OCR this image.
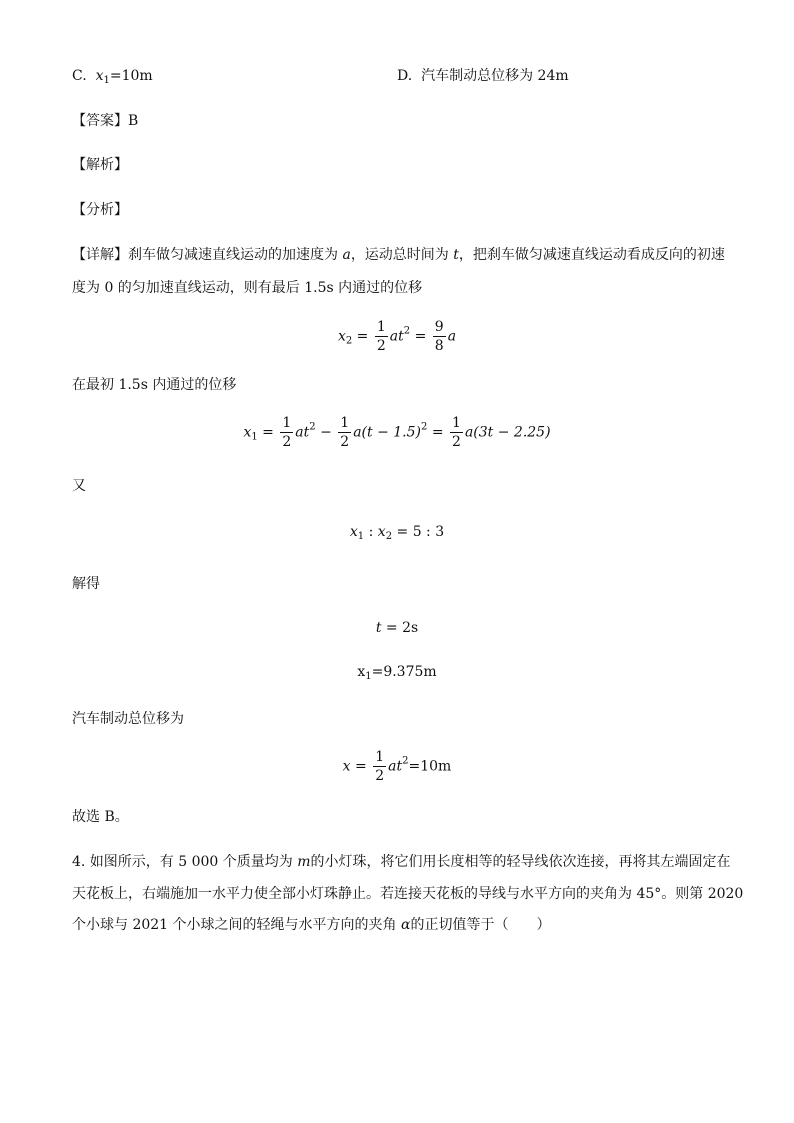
C. $x_1=10m$	D. 汽车制动总位移为 24m
【答案】B
【解析】
【分析】
【详解】刹车做匀减速直线运动的加速度为 a，运动总时间为 t，把刹车做匀减速直线运动看成反向的初速
度为 0 的匀加速直线运动，则有最后 1.5s 内通过的位移
$x_2 = \frac{1}{2} at^2 = \frac{9}{8}$ a
在最初 1.5s 内通过的位移
$x_1 = \frac{1}{2} at^2 - \frac{1}{2} a(t - 1.5)^2 = \frac{1}{2} a(3t - 2.25)$
又
$x_1$ : $x_2 = 5$ : 3
解得
t = 2s
$x_1=9.375m$
汽车制动总位移为
$x = \frac{1}{2} at^2=10m$
故选 B。
4. 如图所示，有 5 000 个质量均为 m的小灯珠，将它们用长度相等的轻导线依次连接，再将其左端固定在
天花板上，右端施加一水平力使全部小灯珠静止。若连接天花板的导线与水平方向的夹角为 45°。则第 2020
个小球与 2021 个小球之间的轻绳与水平方向的夹角 α的正切值等于（　　）
